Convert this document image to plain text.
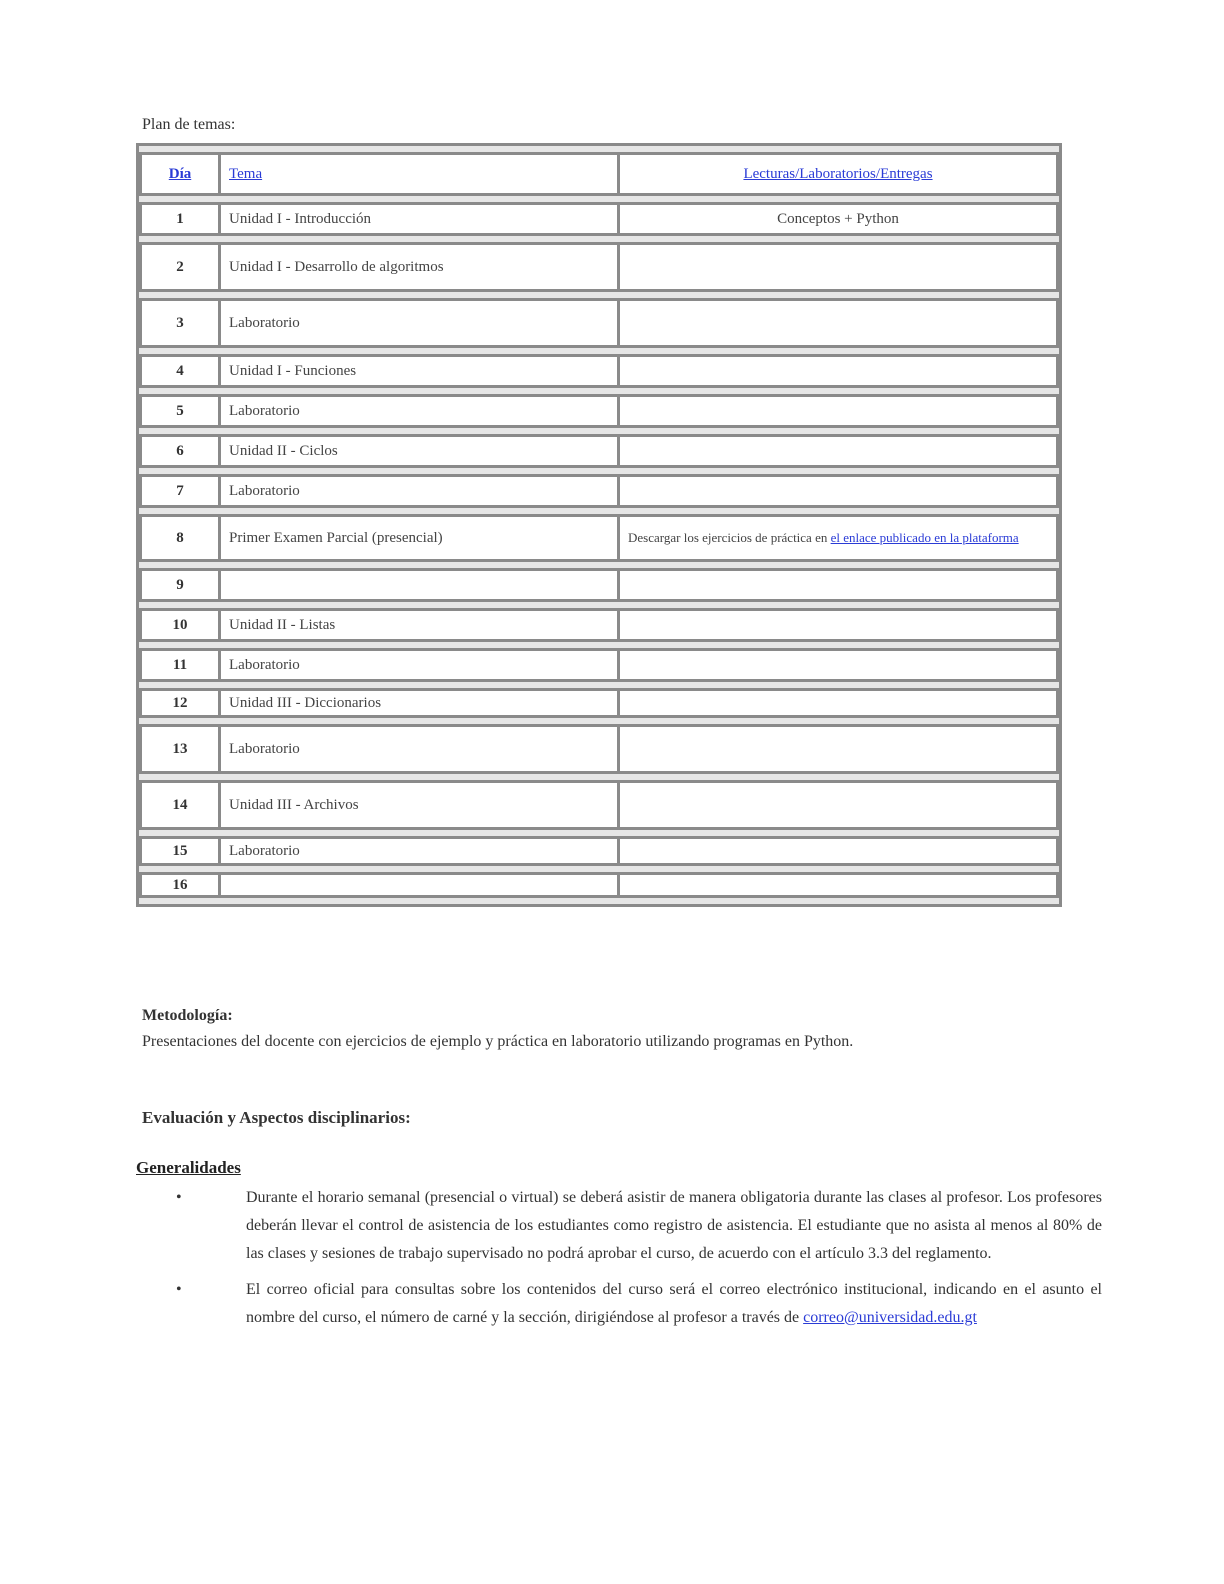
Plan de temas:
Día	Tema	Lecturas/Laboratorios/Entregas
1	Unidad I - Introducción	Conceptos + Python
2	Unidad I - Desarrollo de algoritmos	
3	Laboratorio	
4	Unidad I - Funciones	
5	Laboratorio	
6	Unidad II - Ciclos	
7	Laboratorio	
8	Primer Examen Parcial (presencial)	Descargar los ejercicios de práctica en el enlace publicado en la plataforma

9		
10	Unidad II - Listas	
11	Laboratorio	
12	Unidad III - Diccionarios	
13	Laboratorio	
14	Unidad III - Archivos	
15	Laboratorio	
16		
Metodología:
Presentaciones del docente con ejercicios de ejemplo y práctica en laboratorio utilizando programas en Python.
Evaluación y Aspectos disciplinarios:
Generalidades
•	Durante el horario semanal (presencial o virtual) se deberá asistir de manera obligatoria durante las clases al profesor. Los profesores deberán llevar el control de asistencia de los estudiantes como registro de asistencia. El estudiante que no asista al menos al 80% de las clases y sesiones de trabajo supervisado no podrá aprobar el curso, de acuerdo con el artículo 3.3 del reglamento.
•	El correo oficial para consultas sobre los contenidos del curso será el correo electrónico institucional, indicando en el asunto el nombre del curso, el número de carné y la sección, dirigiéndose al profesor a través de correo@universidad.edu.gt
